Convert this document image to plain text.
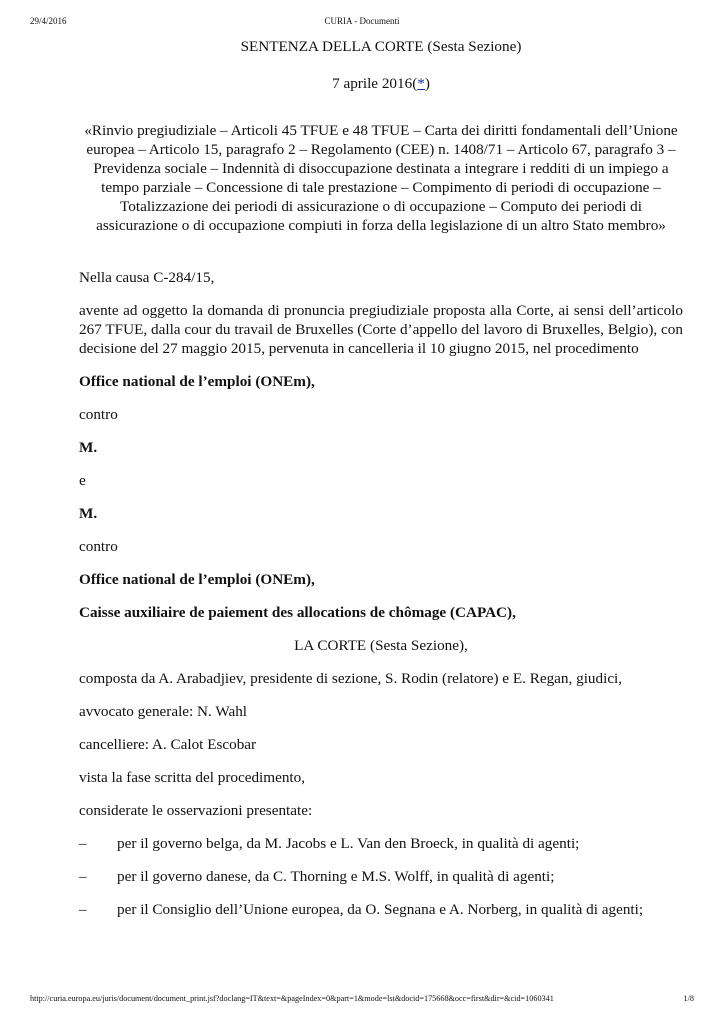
29/4/2016	CURIA - Documenti

SENTENZA DELLA CORTE (Sesta Sezione)

7 aprile 2016(*)

«Rinvio pregiudiziale – Articoli 45 TFUE e 48 TFUE – Carta dei diritti fondamentali dell’Unione europea – Articolo 15, paragrafo 2 – Regolamento (CEE) n. 1408/71 – Articolo 67, paragrafo 3 – Previdenza sociale – Indennità di disoccupazione destinata a integrare i redditi di un impiego a tempo parziale – Concessione di tale prestazione – Compimento di periodi di occupazione – Totalizzazione dei periodi di assicurazione o di occupazione – Computo dei periodi di assicurazione o di occupazione compiuti in forza della legislazione di un altro Stato membro»

Nella causa C‑284/15,

avente ad oggetto la domanda di pronuncia pregiudiziale proposta alla Corte, ai sensi dell’articolo 267 TFUE, dalla cour du travail de Bruxelles (Corte d’appello del lavoro di Bruxelles, Belgio), con decisione del 27 maggio 2015, pervenuta in cancelleria il 10 giugno 2015, nel procedimento

Office national de l’emploi (ONEm),

contro

M.

e

M.

contro

Office national de l’emploi (ONEm),

Caisse auxiliaire de paiement des allocations de chômage (CAPAC),

LA CORTE (Sesta Sezione),

composta da A. Arabadjiev, presidente di sezione, S. Rodin (relatore) e E. Regan, giudici,

avvocato generale: N. Wahl

cancelliere: A. Calot Escobar

vista la fase scritta del procedimento,

considerate le osservazioni presentate:

–	per il governo belga, da M. Jacobs e L. Van den Broeck, in qualità di agenti;
–	per il governo danese, da C. Thorning e M.S. Wolff, in qualità di agenti;
–	per il Consiglio dell’Unione europea, da O. Segnana e A. Norberg, in qualità di agenti;
http://curia.europa.eu/juris/document/document_print.jsf?doclang=IT&text=&pageIndex=0&part=1&mode=lst&docid=175668&occ=first&dir=&cid=1060341	1/8
